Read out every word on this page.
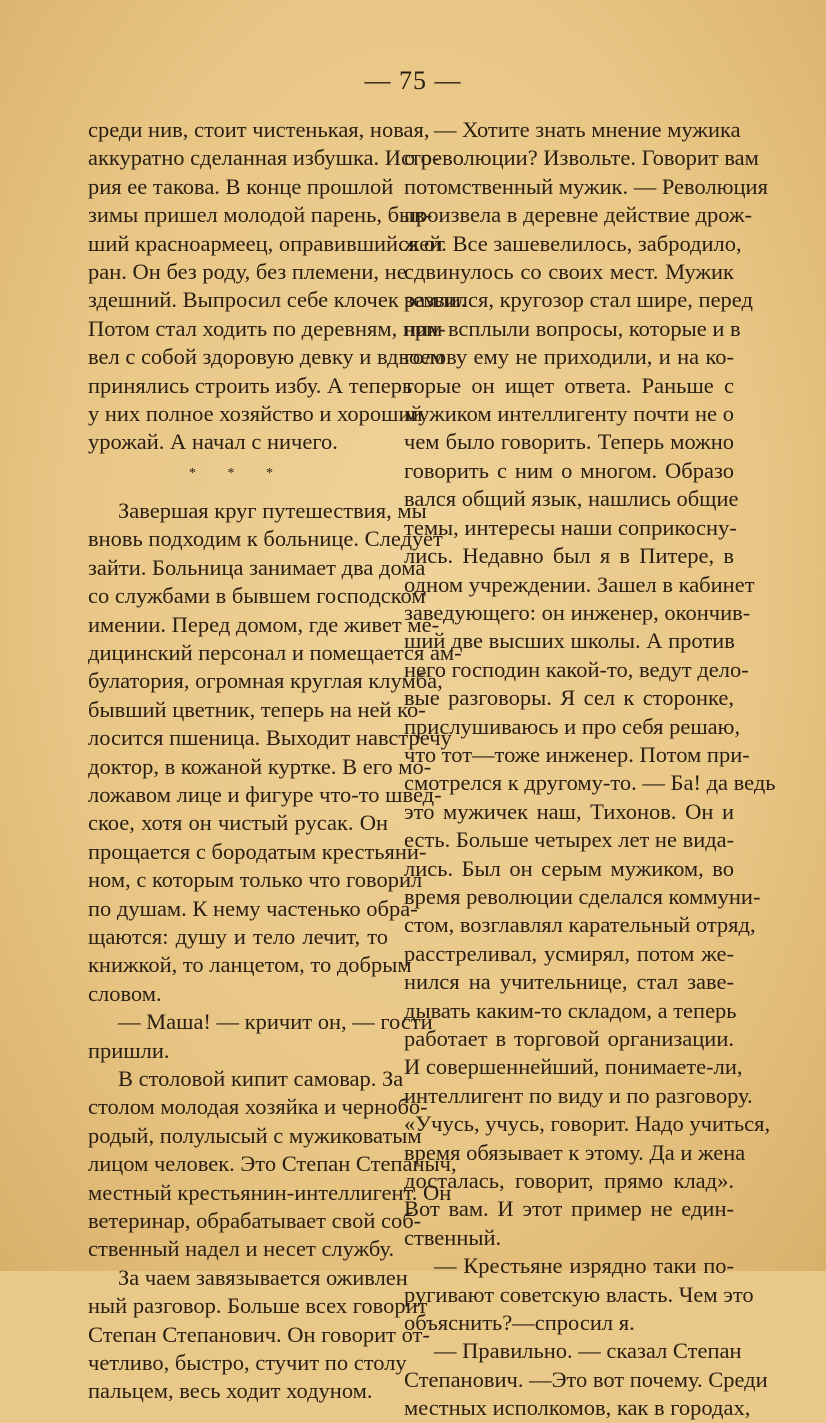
— 75 —

среди нив, стоит чистенькая, новая,
аккуратно сделанная избушка. Исто-
рия ее такова. В конце прошлой
зимы пришел молодой парень, быв-
ший красноармеец, оправившийся от
ран. Он без роду, без племени, не
здешний. Выпросил себе клочек земли.
Потом стал ходить по деревням, при-
вел с собой здоровую девку и вдвоем
принялись строить избу. А теперь
у них полное хозяйство и хороший
урожай. А начал с ничего.

* * *

Завершая круг путешествия, мы
вновь подходим к больнице. Следует
зайти. Больница занимает два дома
со службами в бывшем господском
имении. Перед домом, где живет ме-
дицинский персонал и помещается ам-
булатория, огромная круглая клумба,
бывший цветник, теперь на ней ко-
лосится пшеница. Выходит навстречу
доктор, в кожаной куртке. В его мо-
ложавом лице и фигуре что-то швед-
ское, хотя он чистый русак. Он
прощается с бородатым крестьяни-
ном, с которым только что говорил
по душам. К нему частенько обра-
щаются: душу и тело лечит, то
книжкой, то ланцетом, то добрым
словом.

— Маша! — кричит он, — гости
пришли.

В столовой кипит самовар. За
столом молодая хозяйка и чернобо-
родый, полулысый с мужиковатым
лицом человек. Это Степан Степаныч,
местный крестьянин-интеллигент. Он
ветеринар, обрабатывает свой соб-
ственный надел и несет службу.

За чаем завязывается оживлен
ный разговор. Больше всех говорит
Степан Степанович. Он говорит от-
четливо, быстро, стучит по столу
пальцем, весь ходит ходуном.

— Хотите знать мнение мужика
о революции? Извольте. Говорит вам
потомственный мужик. — Революция
произвела в деревне действие дрож-
жей. Все зашевелилось, забродило,
сдвинулось со своих мест. Мужик
развился, кругозор стал шире, перед
ним всплыли вопросы, которые и в
голову ему не приходили, и на ко-
торые он ищет ответа. Раньше с
мужиком интеллигенту почти не о
чем было говорить. Теперь можно
говорить с ним о многом. Образо
вался общий язык, нашлись общие
темы, интересы наши соприкосну-
лись. Недавно был я в Питере, в
одном учреждении. Зашел в кабинет
заведующего: он инженер, окончив-
ший две высших школы. А против
него господин какой-то, ведут дело-
вые разговоры. Я сел к сторонке,
прислушиваюсь и про себя решаю,
что тот—тоже инженер. Потом при-
смотрелся к другому-то. — Ба! да ведь
это мужичек наш, Тихонов. Он и
есть. Больше четырех лет не вида-
лись. Был он серым мужиком, во
время революции сделался коммуни-
стом, возглавлял карательный отряд,
расстреливал, усмирял, потом же-
нился на учительнице, стал заве-
дывать каким-то складом, а теперь
работает в торговой организации.
И совершеннейший, понимаете-ли,
интеллигент по виду и по разговору.
«Учусь, учусь, говорит. Надо учиться,
время обязывает к этому. Да и жена
досталась, говорит, прямо клад».
Вот вам. И этот пример не един-
ственный.

— Крестьяне изрядно таки по-
ругивают советскую власть. Чем это
объяснить?—спросил я.

— Правильно. — сказал Степан
Степанович. —Это вот почему. Среди
местных исполкомов, как в городах,
